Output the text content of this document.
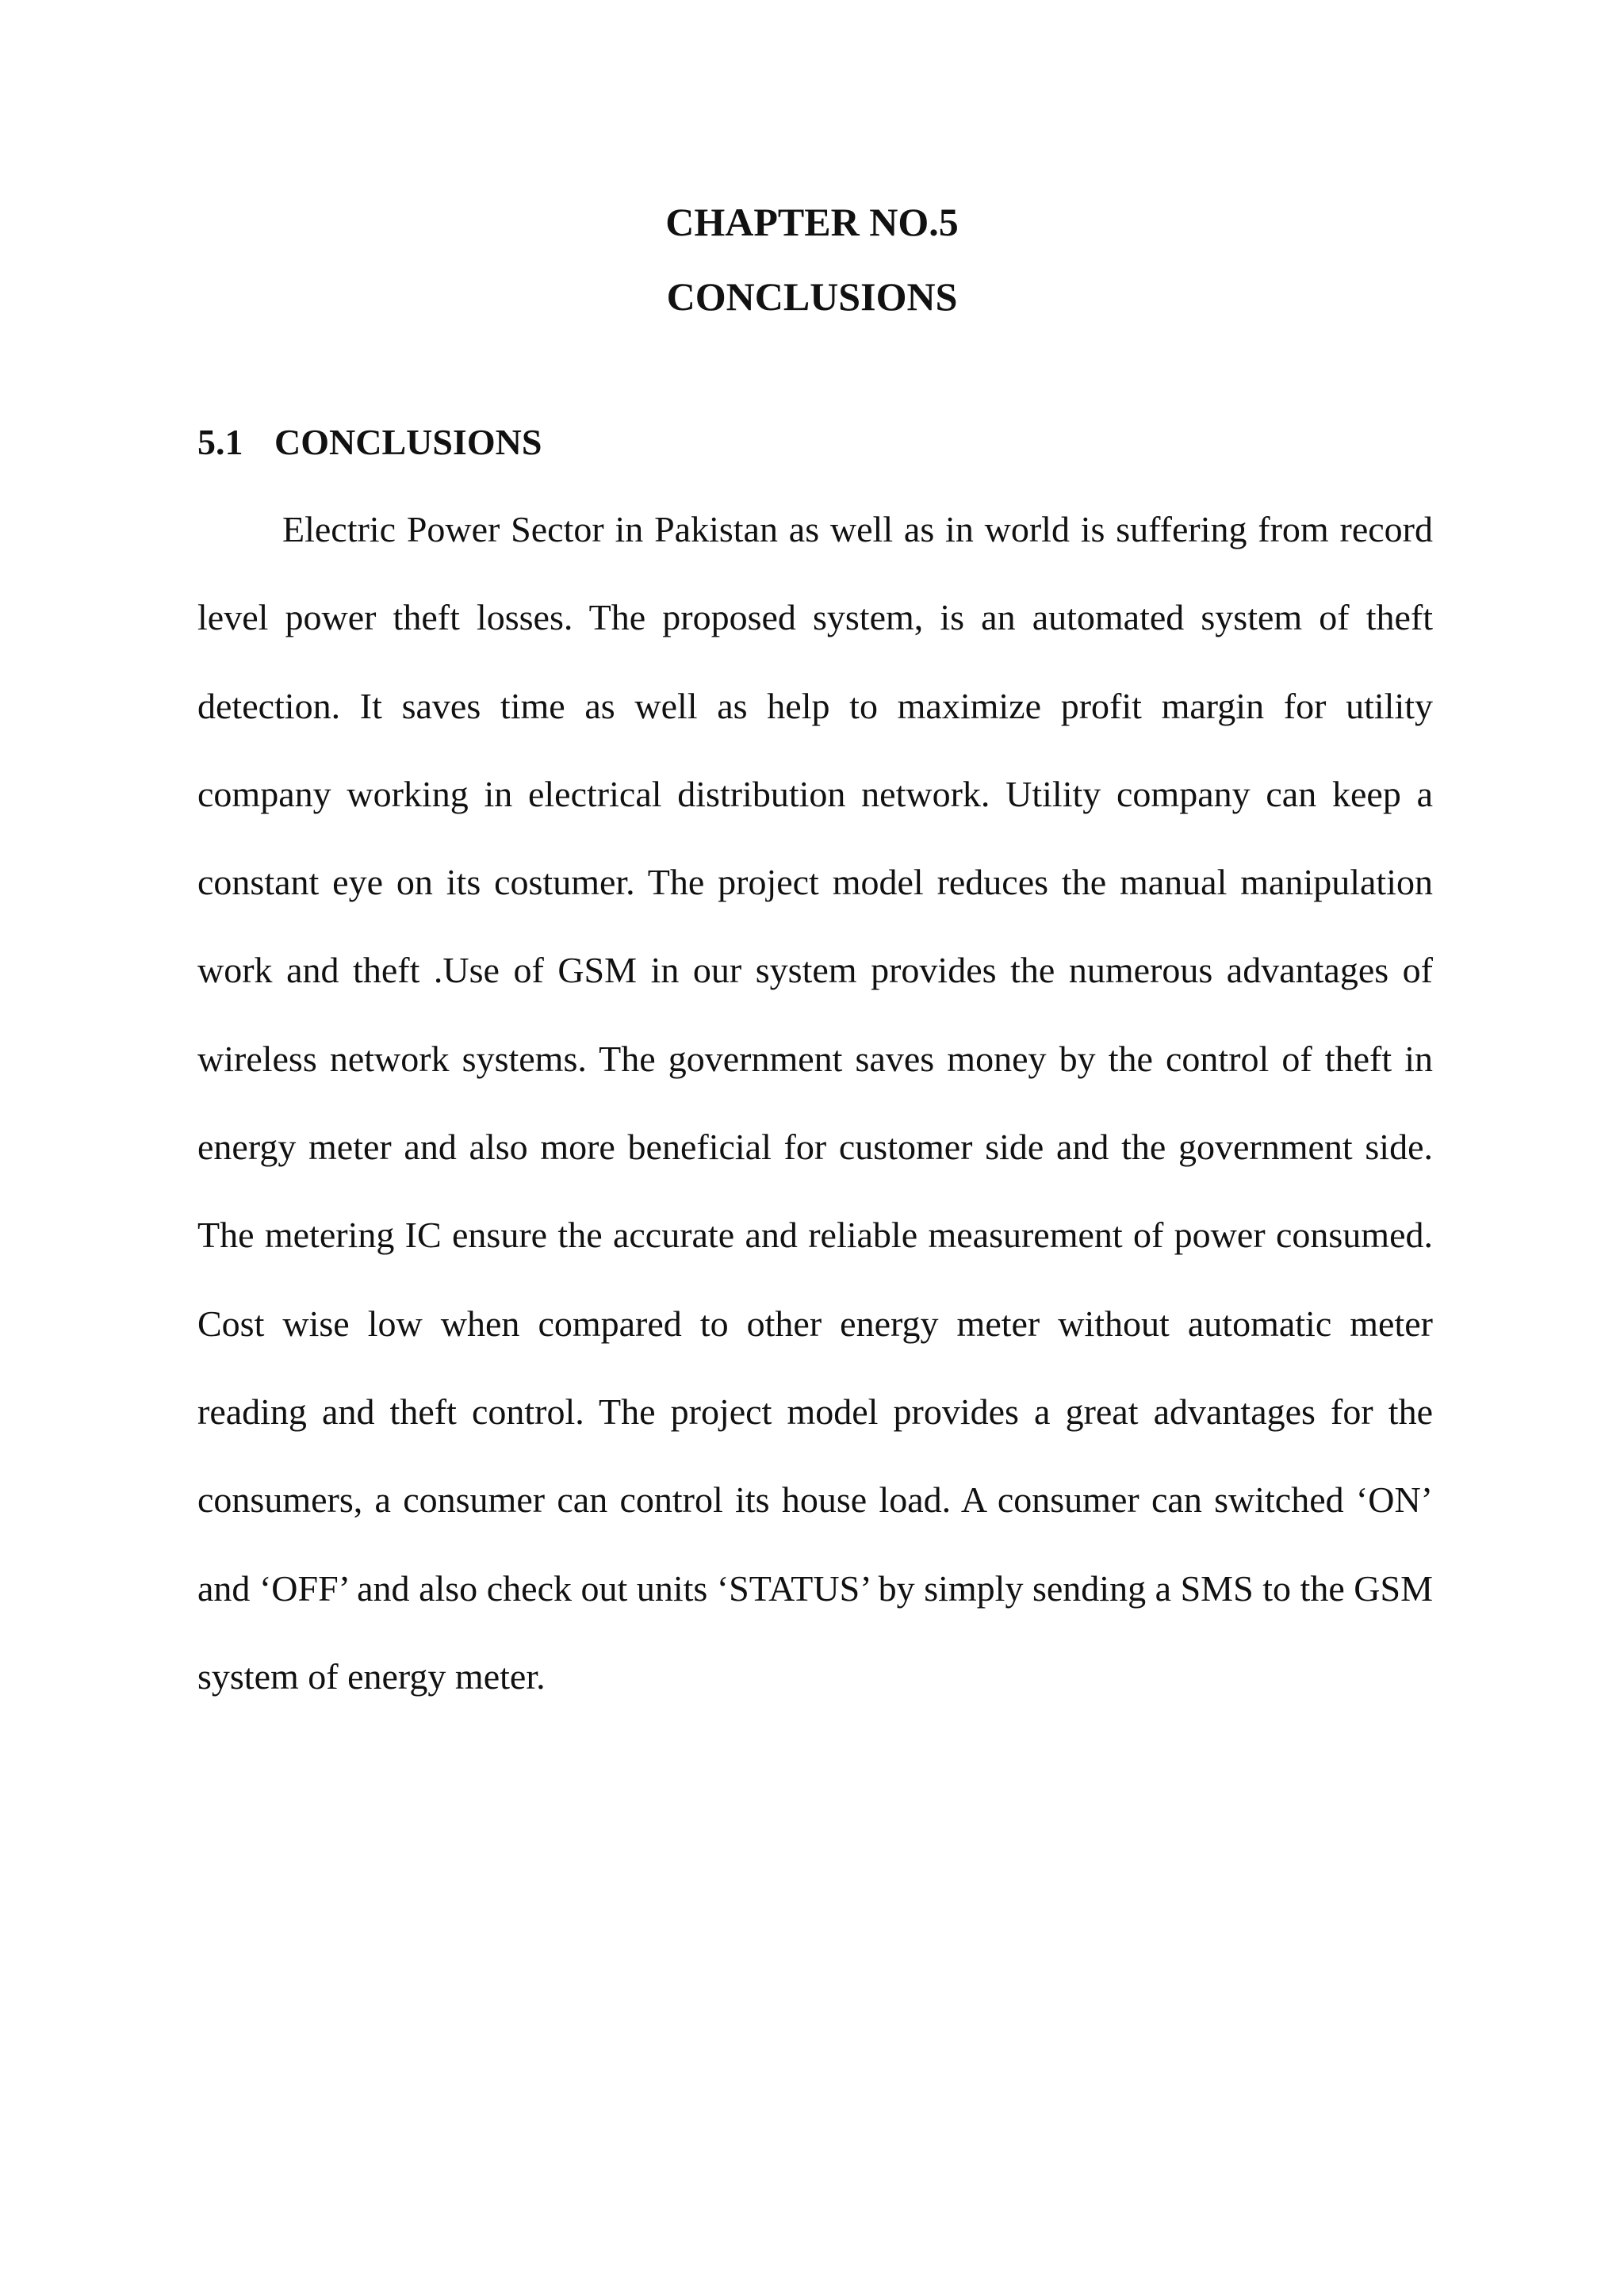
CHAPTER NO.5
CONCLUSIONS
5.1 CONCLUSIONS

Electric Power Sector in Pakistan as well as in world is suffering from record level power theft losses. The proposed system, is an automated system of theft detection. It saves time as well as help to maximize profit margin for utility company working in electrical distribution network. Utility company can keep a constant eye on its costumer. The project model reduces the manual manipulation work and theft .Use of GSM in our system provides the numerous advantages of wireless network systems. The government saves money by the control of theft in energy meter and also more beneficial for customer side and the government side. The metering IC ensure the accurate and reliable measurement of power consumed. Cost wise low when compared to other energy meter without automatic meter reading and theft control. The project model provides a great advantages for the consumers, a consumer can control its house load. A consumer can switched ‘ON’ and ‘OFF’ and also check out units ‘STATUS’ by simply sending a SMS to the GSM system of energy meter.
